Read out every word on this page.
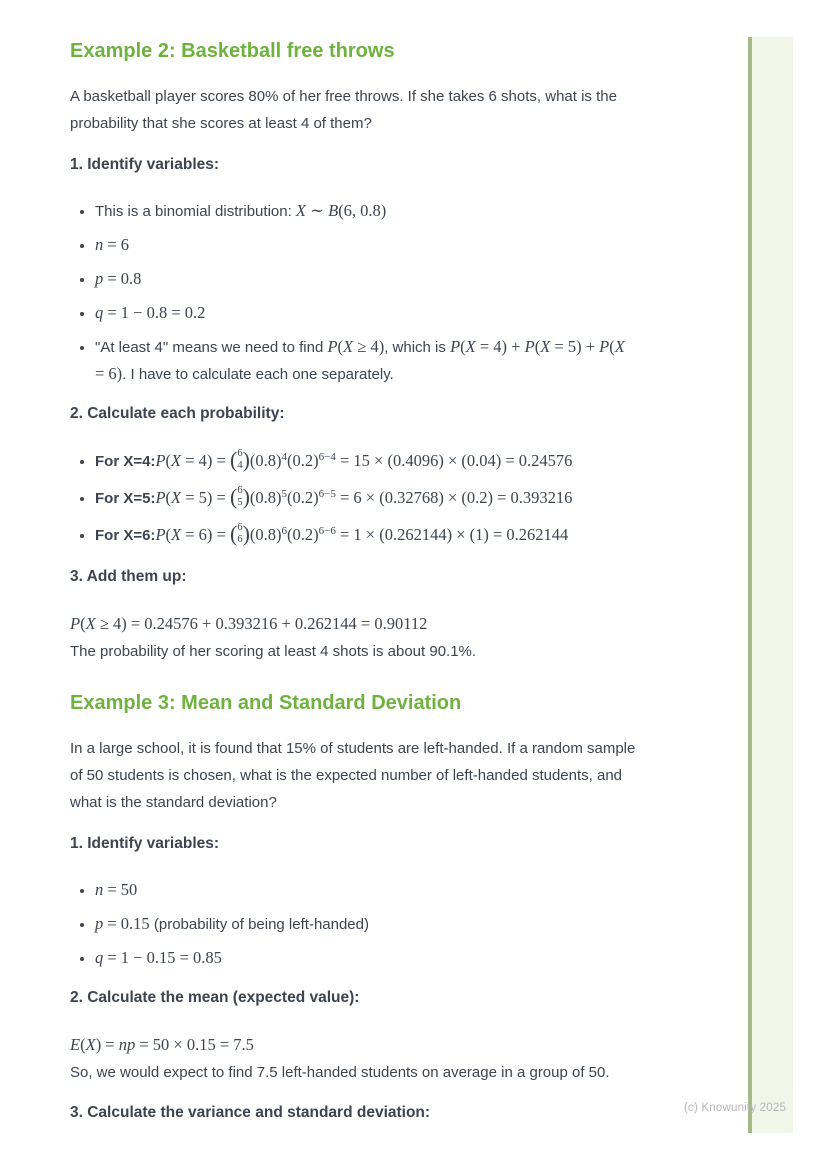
(c) Knowunity 2025
Example 2: Basketball free throws

A basketball player scores 80% of her free throws. If she takes 6 shots, what is the probability that she scores at least 4 of them?

1. Identify variables:

• This is a binomial distribution: X ∼ B(6, 0.8)
• n = 6
• p = 0.8
• q = 1 − 0.8 = 0.2
• "At least 4" means we need to find P(X ≥ 4), which is P(X = 4) + P(X = 5) + P(X = 6). I have to calculate each one separately.

2. Calculate each probability:

• For X=4:P(X = 4) = ( 6
4 ) $(0.8)^4(0.2)^{6-4} = 15 \times (0.4096) \times (0.04) = 0.24576$
• For X=5:P(X = 5) = ( 6
5 ) $(0.8)^5(0.2)^{6-5} = 6 \times (0.32768) \times (0.2) = 0.393216$
• For X=6:P(X = 6) = ( 6
6 ) $(0.8)^6(0.2)^{6-6} = 1 \times (0.262144) \times (1) = 0.262144$

3. Add them up:

P(X ≥ 4) = 0.24576 + 0.393216 + 0.262144 = 0.90112
The probability of her scoring at least 4 shots is about 90.1%.
Example 3: Mean and Standard Deviation

In a large school, it is found that 15% of students are left-handed. If a random sample of 50 students is chosen, what is the expected number of left-handed students, and what is the standard deviation?

1. Identify variables:

• n = 50
• p = 0.15 (probability of being left-handed)
• q = 1 − 0.15 = 0.85

2. Calculate the mean (expected value):

E(X) = np = 50 × 0.15 = 7.5
So, we would expect to find 7.5 left-handed students on average in a group of 50.

3. Calculate the variance and standard deviation:
